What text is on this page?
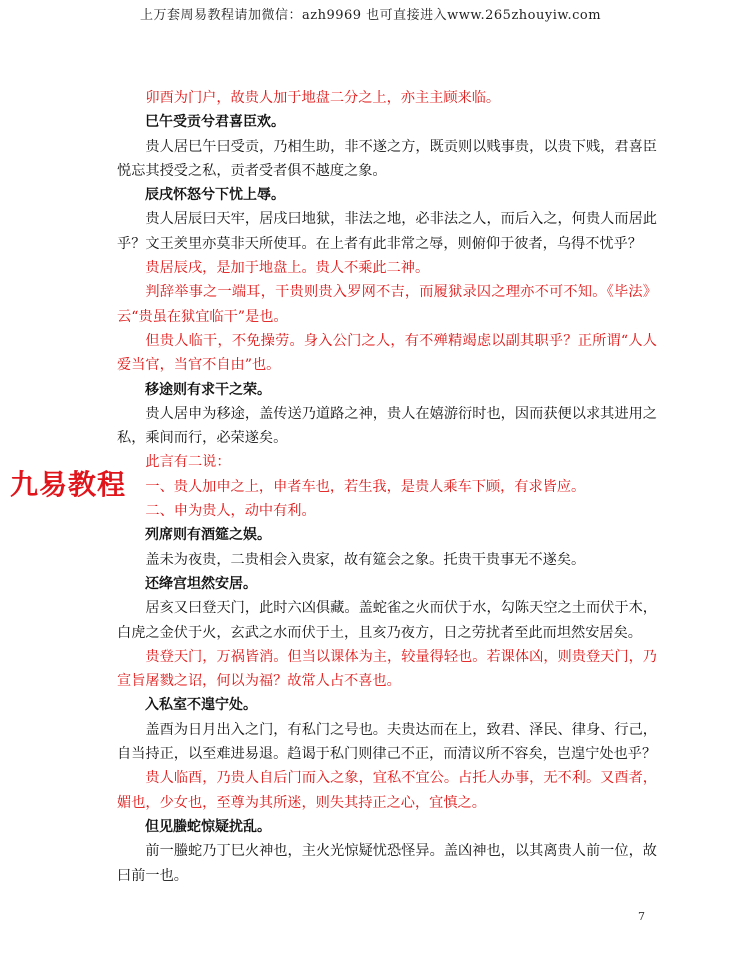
上万套周易教程请加微信：azh9969 也可直接进入www.265zhouyiw.com

卯酉为门户，故贵人加于地盘二分之上，亦主主顾来临。

巳午受贡兮君喜臣欢。

贵人居巳午曰受贡，乃相生助，非不遂之方，既贡则以贱事贵，以贵下贱，君喜臣悦忘其授受之私，贡者受者俱不越度之象。

辰戌怀怒兮下忧上辱。

贵人居辰曰天牢，居戌曰地狱，非法之地，必非法之人，而后入之，何贵人而居此乎？文王羑里亦莫非天所使耳。在上者有此非常之辱，则俯仰于彼者，乌得不忧乎？

贵居辰戌，是加于地盘上。贵人不乘此二神。

判辞举事之一端耳，干贵则贵入罗网不吉，而履狱录囚之理亦不可不知。《毕法》云“贵虽在狱宜临干”是也。

但贵人临干，不免操劳。身入公门之人，有不殚精竭虑以副其职乎？正所谓“人人爱当官，当官不自由”也。

移途则有求干之荣。

贵人居申为移途，盖传送乃道路之神，贵人在嬉游衍时也，因而获便以求其进用之私，乘间而行，必荣遂矣。

此言有二说：

一、贵人加申之上，申者车也，若生我，是贵人乘车下顾，有求皆应。

二、申为贵人，动中有利。

列席则有酒筵之娱。

盖未为夜贵，二贵相会入贵家，故有筵会之象。托贵干贵事无不遂矣。

还绛宫坦然安居。

居亥又曰登天门，此时六凶俱藏。盖蛇雀之火而伏于水，勾陈天空之土而伏于木，白虎之金伏于火，玄武之水而伏于土，且亥乃夜方，日之劳扰者至此而坦然安居矣。

贵登天门，万祸皆消。但当以课体为主，较量得轻也。若课体凶，则贵登天门，乃宣旨屠戮之诏，何以为福？故常人占不喜也。

入私室不遑宁处。

盖酉为日月出入之门，有私门之号也。夫贵达而在上，致君、泽民、律身、行己，自当持正，以至难进易退。趋谒于私门则律己不正，而清议所不容矣，岂遑宁处也乎？

贵人临酉，乃贵人自后门而入之象，宜私不宜公。占托人办事，无不利。又酉者，媚也，少女也，至尊为其所迷，则失其持正之心，宜慎之。

但见螣蛇惊疑扰乱。

前一螣蛇乃丁巳火神也，主火光惊疑忧恐怪异。盖凶神也，以其离贵人前一位，故曰前一也。

九易教程
7
